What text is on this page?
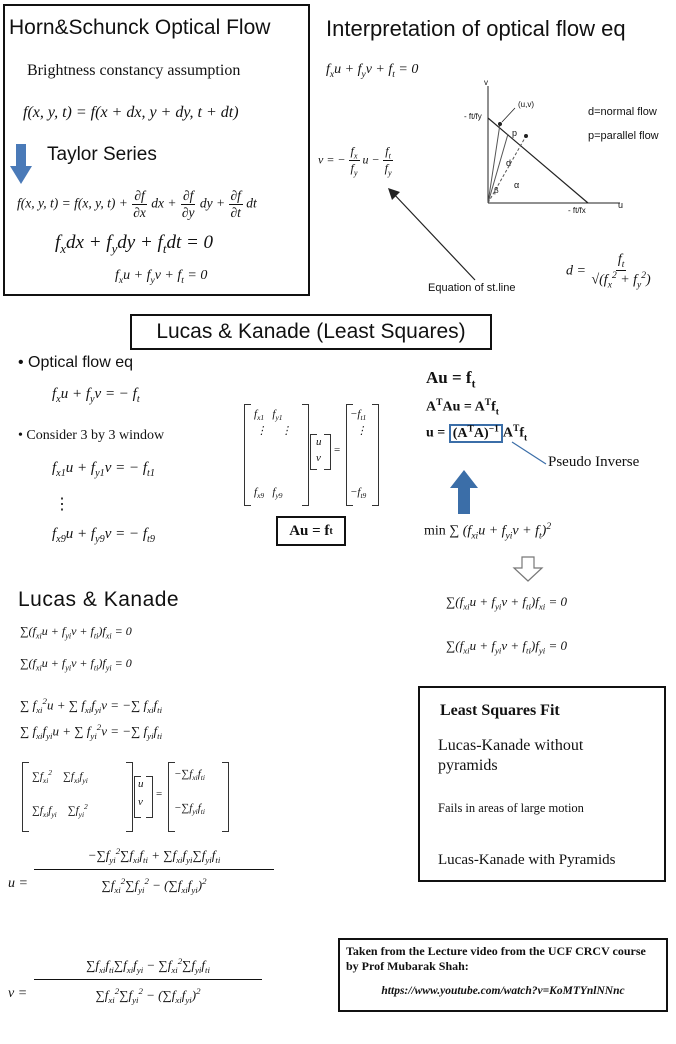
Horn&Schunck Optical Flow
Brightness constancy assumption
f(x, y, t) = f(x + dx, y + dy, t + dt)
Taylor Series
f(x, y, t) = f(x, y, $t) + \frac{\partial f}{\partial x}$ dx + $\frac{\partial f}{\partial y}$ dy + $\frac{\partial f}{\partial t}$ dt
$f_xdx + f_ydy + f_tdt = 0$
$f_xu + f_yv + f_t = 0$
Interpretation of optical flow eq
$f_xu + f_yv + f_t = 0$
v = − $\frac{f_x}{f_y}$ $u - \frac{f_t}{f_y}$
Equation of st.line
v
u
(u,v)
p
d
α
β
- ft/fy
- ft/fx
d=normal flow
p=parallel flow
$d = \frac{f_t}{√(f_x^2 + f_y^2)}$
Lucas & Kanade (Least Squares)
• Optical flow eq
$f_xu + f_yv$ = − $f_t$
• Consider 3 by 3 window
$f_{x1}u + f_{y1}v$ = − $f_{t1}$
⋮
$f_{x9}u + f_{y9}v$ = − $f_{t9}$
$f_{x1}$   $f_{y1}$
⋮     ⋮
$f_{x9}$   $f_{y9}$
u
v
=
$-f_{t1}$
⋮
$-f_{t9}$
Au = f t
$Au = f_t$
$A^TAu = A^Tf_t$
$u = (A^TA)^{-1}$ $A^Tf_t$
Pseudo Inverse
min ∑ $(f_{xi}u + f_{yi}v + f_t)^2$
$\sum(f_{xi}u + f_{yi}v + f_{ti})f_{xi} = 0$
$\sum(f_{xi}u + f_{yi}v + f_{ti})f_{yi} = 0$
Lucas & Kanade
$\sum(f_{xi}u + f_{yi}v + f_{ti})f_{xi} = 0$
$\sum(f_{xi}u + f_{yi}v + f_{ti})f_{yi} = 0$
∑ $f_{xi}^2u$ + ∑ $f_{xi}f_{yi}v$ = −∑ $f_{xi}f_{ti}$
∑ $f_{xi}f_{yi}u$ + ∑ $f_{yi}^2v$ = −∑ $f_{yi}f_{ti}$
$\sum f_{xi}^2$    $\sum f_{xi}f_{yi}$
$\sum f_{xi}f_{yi}$    $\sum f_{yi}^2$
u
v
=
$-\sum f_{xi}f_{ti}$
$-\sum f_{yi}f_{ti}$
u =
$-\sum f_{yi}^2\sum f_{xi}f_{ti} + \sum f_{xi}f_{yi}\sum f_{yi}f_{ti}$
$\sum f_{xi}^2\sum f_{yi}^2 - (\sum f_{xi}f_{yi})^2$
v =
$\sum f_{xi}f_{ti}\sum f_{xi}f_{yi} - \sum f_{xi}^2\sum f_{yi}f_{ti}$
$\sum f_{xi}^2\sum f_{yi}^2 - (\sum f_{xi}f_{yi})^2$
Least Squares Fit
Lucas-Kanade without pyramids
Fails in areas of large motion
Lucas-Kanade with Pyramids
Taken from the Lecture video from the UCF CRCV course by Prof Mubarak Shah:
https://www.youtube.com/watch?v=KoMTYnlNNnc
